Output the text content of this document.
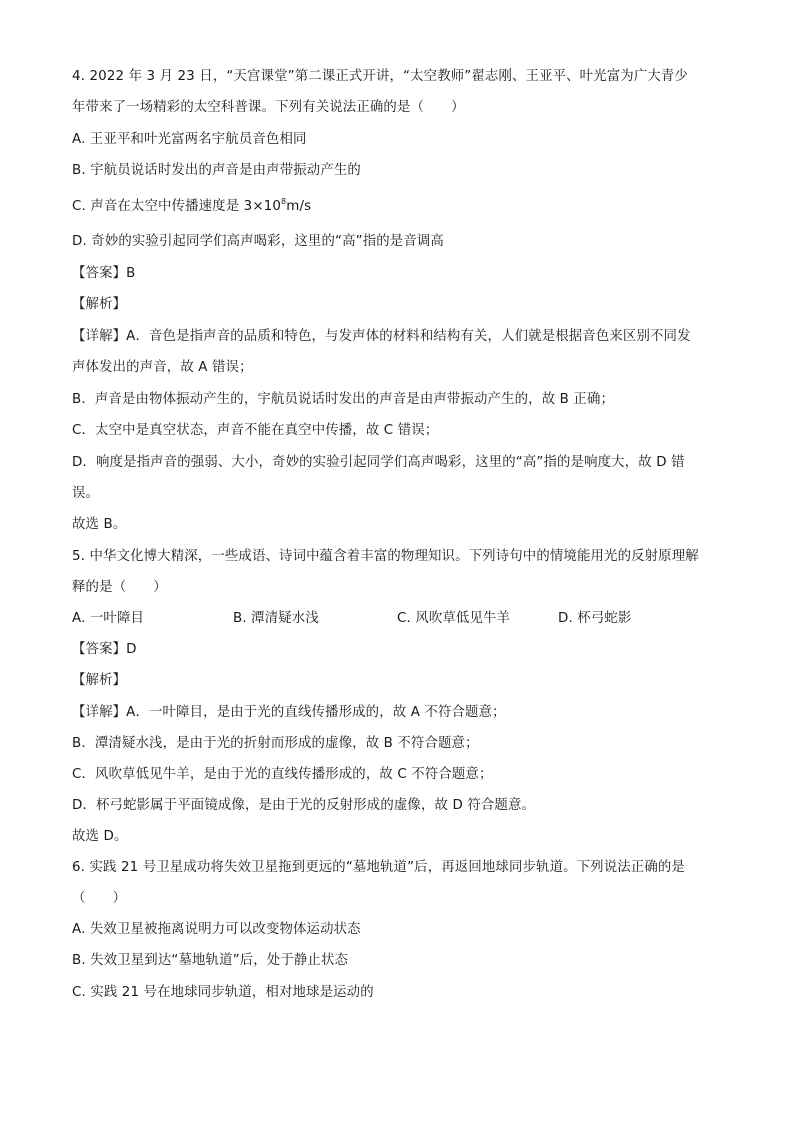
4. 2022 年 3 月 23 日，“天宫课堂”第二课正式开讲，“太空教师”翟志刚、王亚平、叶光富为广大青少
年带来了一场精彩的太空科普课。下列有关说法正确的是（　　）
A. 王亚平和叶光富两名宇航员音色相同
B. 宇航员说话时发出的声音是由声带振动产生的
C. 声音在太空中传播速度是 $3\times 10^8m/s$
D. 奇妙的实验引起同学们高声喝彩，这里的“高”指的是音调高
【答案】B
【解析】
【详解】A．音色是指声音的品质和特色，与发声体的材料和结构有关，人们就是根据音色来区别不同发
声体发出的声音，故 A 错误；
B．声音是由物体振动产生的，宇航员说话时发出的声音是由声带振动产生的，故 B 正确；
C．太空中是真空状态，声音不能在真空中传播，故 C 错误；
D．响度是指声音的强弱、大小，奇妙的实验引起同学们高声喝彩，这里的“高”指的是响度大，故 D 错
误。
故选 B。
5. 中华文化博大精深，一些成语、诗词中蕴含着丰富的物理知识。下列诗句中的情境能用光的反射原理解
释的是（　　）
A. 一叶障目	B. 潭清疑水浅	C. 风吹草低见牛羊	D. 杯弓蛇影
【答案】D
【解析】
【详解】A．一叶障目，是由于光的直线传播形成的，故 A 不符合题意；
B．潭清疑水浅，是由于光的折射而形成的虚像，故 B 不符合题意；
C．风吹草低见牛羊，是由于光的直线传播形成的，故 C 不符合题意；
D．杯弓蛇影属于平面镜成像，是由于光的反射形成的虚像，故 D 符合题意。
故选 D。
6. 实践 21 号卫星成功将失效卫星拖到更远的“墓地轨道”后，再返回地球同步轨道。下列说法正确的是
（　　）
A. 失效卫星被拖离说明力可以改变物体运动状态
B. 失效卫星到达“墓地轨道”后，处于静止状态
C. 实践 21 号在地球同步轨道，相对地球是运动的
